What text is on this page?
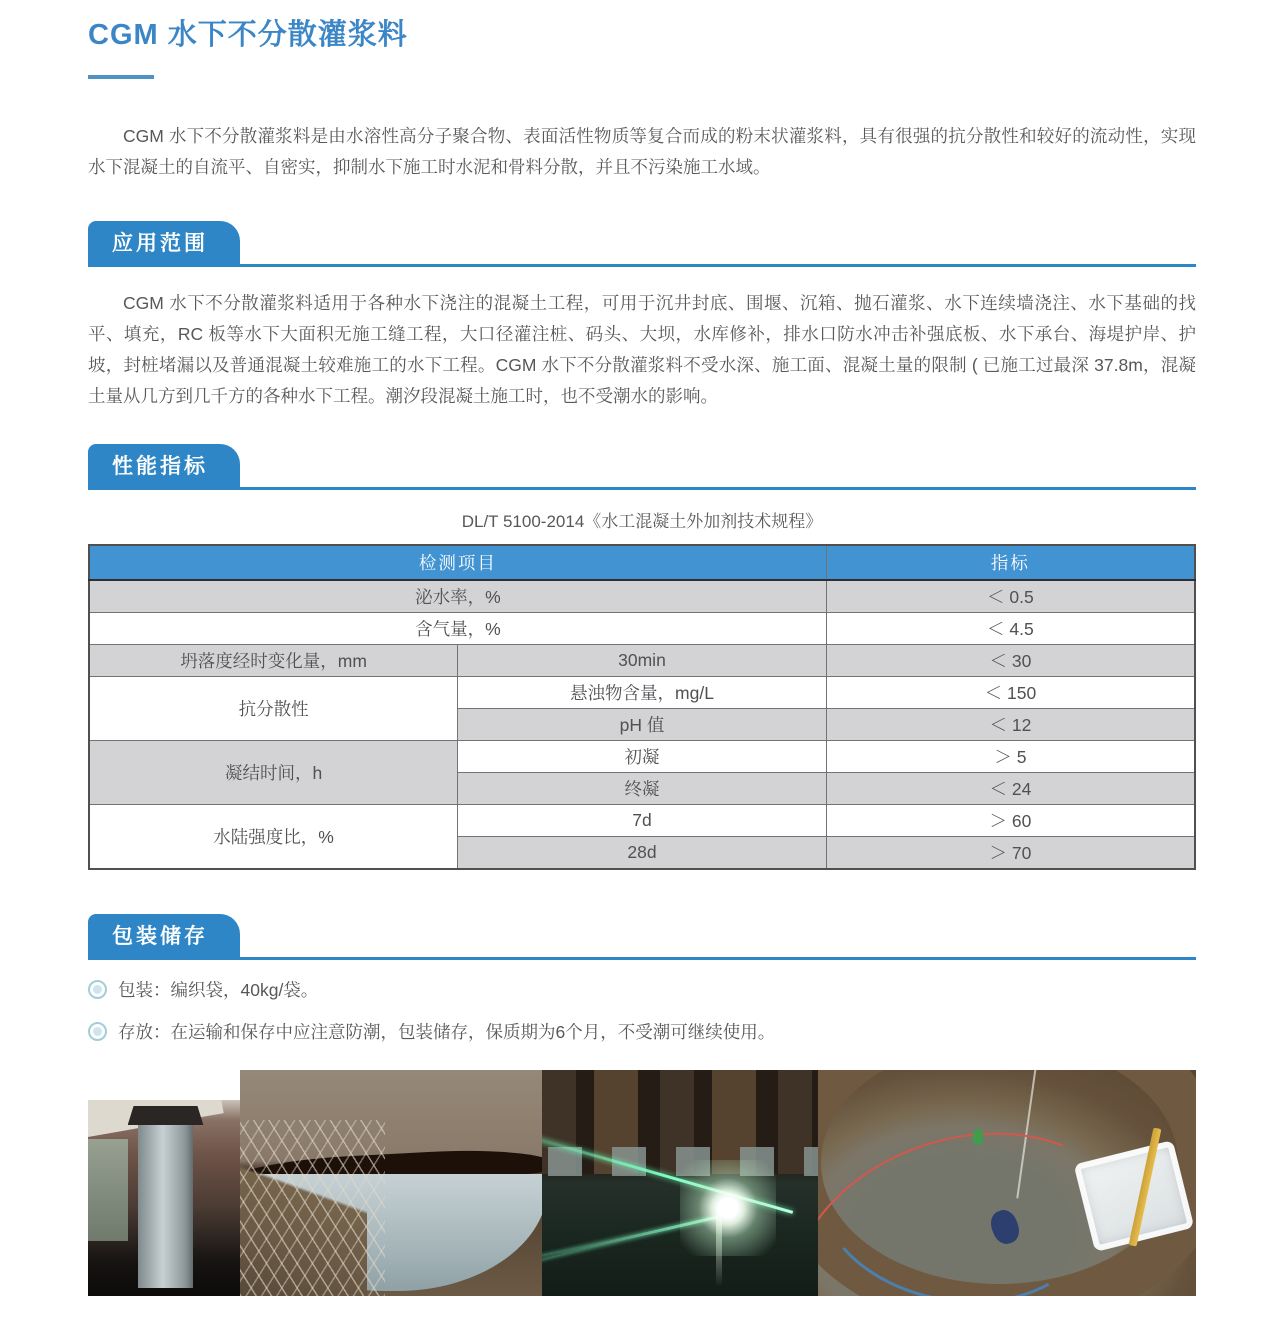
CGM 水下不分散灌浆料

CGM 水下不分散灌浆料是由水溶性高分子聚合物、表面活性物质等复合而成的粉末状灌浆料，具有很强的抗分散性和较好的流动性，实现水下混凝土的自流平、自密实，抑制水下施工时水泥和骨料分散，并且不污染施工水域。

应用范围

CGM 水下不分散灌浆料适用于各种水下浇注的混凝土工程，可用于沉井封底、围堰、沉箱、抛石灌浆、水下连续墙浇注、水下基础的找平、填充，RC 板等水下大面积无施工缝工程，大口径灌注桩、码头、大坝，水库修补，排水口防水冲击补强底板、水下承台、海堤护岸、护坡，封桩堵漏以及普通混凝土较难施工的水下工程。CGM 水下不分散灌浆料不受水深、施工面、混凝土量的限制 ( 已施工过最深 37.8m，混凝土量从几方到几千方的各种水下工程。潮汐段混凝土施工时，也不受潮水的影响。

性能指标

DL/T 5100-2014《水工混凝土外加剂技术规程》

检测项目		指标
泌水率，%		＜ 0.5
含气量，%		＜ 4.5
坍落度经时变化量，mm	30min	＜ 30
抗分散性	悬浊物含量，mg/L	＜ 150
	pH 值	＜ 12
凝结时间，h	初凝	＞ 5
	终凝	＜ 24
水陆强度比，%	7d	＞ 60
	28d	＞ 70
包装储存
包装：编织袋，40kg/袋。
存放：在运输和保存中应注意防潮，包装储存，保质期为6个月，不受潮可继续使用。
